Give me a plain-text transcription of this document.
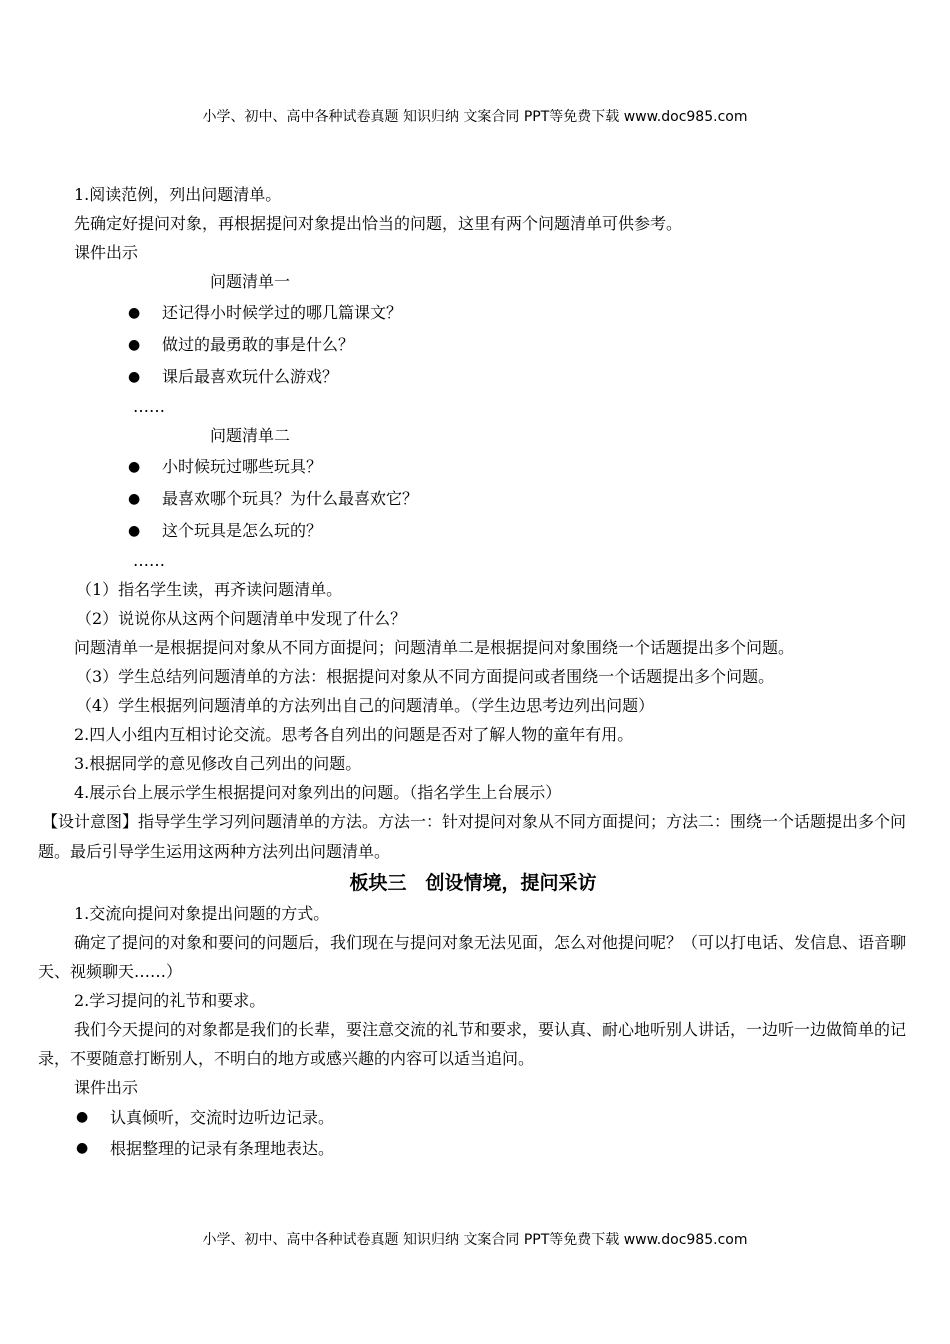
小学、初中、高中各种试卷真题 知识归纳 文案合同 PPT等免费下载 www.doc985.com
1.阅读范例，列出问题清单。
先确定好提问对象，再根据提问对象提出恰当的问题，这里有两个问题清单可供参考。
课件出示
问题清单一
●	还记得小时候学过的哪几篇课文？
●	做过的最勇敢的事是什么？
●	课后最喜欢玩什么游戏？
……
问题清单二
●	小时候玩过哪些玩具？
●	最喜欢哪个玩具？为什么最喜欢它？
●	这个玩具是怎么玩的？
……
（1）指名学生读，再齐读问题清单。
（2）说说你从这两个问题清单中发现了什么？
问题清单一是根据提问对象从不同方面提问；问题清单二是根据提问对象围绕一个话题提出多个问题。
（3）学生总结列问题清单的方法：根据提问对象从不同方面提问或者围绕一个话题提出多个问题。
（4）学生根据列问题清单的方法列出自己的问题清单。（学生边思考边列出问题）
2.四人小组内互相讨论交流。思考各自列出的问题是否对了解人物的童年有用。
3.根据同学的意见修改自己列出的问题。
4.展示台上展示学生根据提问对象列出的问题。（指名学生上台展示）
【设计意图】指导学生学习列问题清单的方法。方法一：针对提问对象从不同方面提问；方法二：围绕一个话题提出多个问题。最后引导学生运用这两种方法列出问题清单。
板块三　创设情境，提问采访
1.交流向提问对象提出问题的方式。
确定了提问的对象和要问的问题后，我们现在与提问对象无法见面，怎么对他提问呢？（可以打电话、发信息、语音聊天、视频聊天……）
2.学习提问的礼节和要求。
我们今天提问的对象都是我们的长辈，要注意交流的礼节和要求，要认真、耐心地听别人讲话，一边听一边做简单的记录，不要随意打断别人，不明白的地方或感兴趣的内容可以适当追问。
课件出示
●	认真倾听，交流时边听边记录。
●	根据整理的记录有条理地表达。
小学、初中、高中各种试卷真题 知识归纳 文案合同 PPT等免费下载 www.doc985.com
